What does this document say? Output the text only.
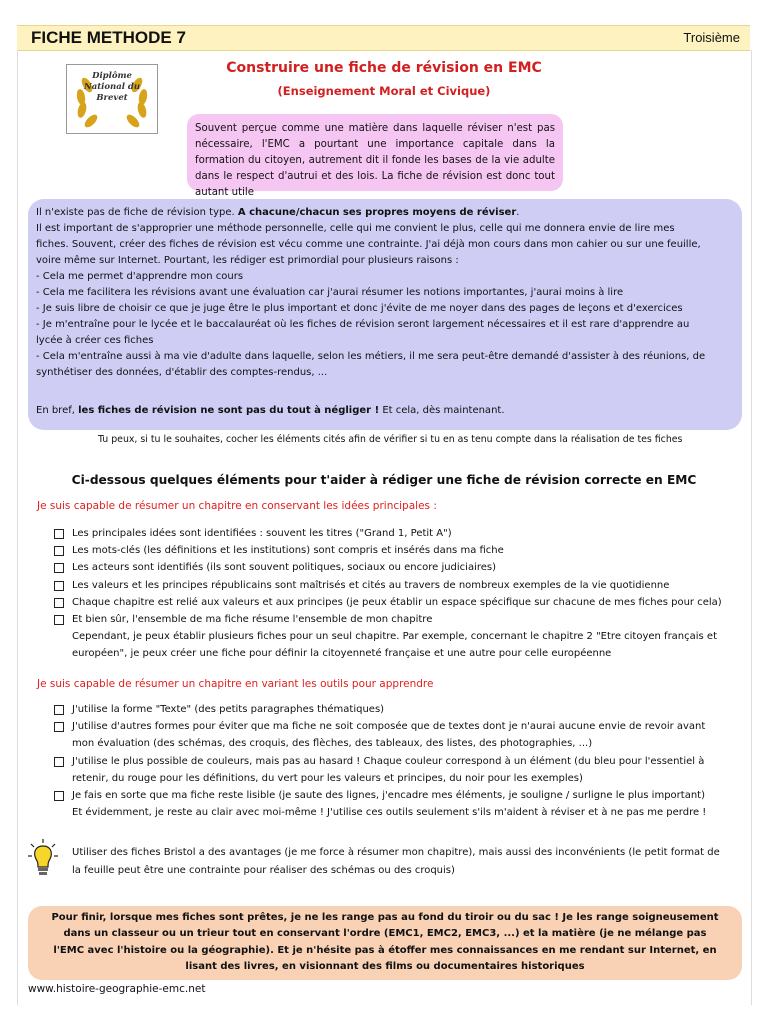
FICHE METHODE 7	Troisième
Diplôme
National du
Brevet
Construire une fiche de révision en EMC
(Enseignement Moral et Civique)

Souvent perçue comme une matière dans laquelle réviser n'est pas nécessaire, l'EMC a pourtant une importance capitale dans la formation du citoyen, autrement dit il fonde les bases de la vie adulte dans le respect d'autrui et des lois. La fiche de révision est donc tout autant utile

Il n'existe pas de fiche de révision type. A chacune/chacun ses propres moyens de réviser.
Il est important de s'approprier une méthode personnelle, celle qui me convient le plus, celle qui me donnera envie de lire mes
fiches. Souvent, créer des fiches de révision est vécu comme une contrainte. J'ai déjà mon cours dans mon cahier ou sur une feuille,
voire même sur Internet. Pourtant, les rédiger est primordial pour plusieurs raisons :
- Cela me permet d'apprendre mon cours
- Cela me facilitera les révisions avant une évaluation car j'aurai résumer les notions importantes, j'aurai moins à lire
- Je suis libre de choisir ce que je juge être le plus important et donc j'évite de me noyer dans des pages de leçons et d'exercices
- Je m'entraîne pour le lycée et le baccalauréat où les fiches de révision seront largement nécessaires et il est rare d'apprendre au
lycée à créer ces fiches
- Cela m'entraîne aussi à ma vie d'adulte dans laquelle, selon les métiers, il me sera peut-être demandé d'assister à des réunions, de
synthétiser des données, d'établir des comptes-rendus, ...
En bref, les fiches de révision ne sont pas du tout à négliger ! Et cela, dès maintenant.
Tu peux, si tu le souhaites, cocher les éléments cités afin de vérifier si tu en as tenu compte dans la réalisation de tes fiches
Ci-dessous quelques éléments pour t'aider à rédiger une fiche de révision correcte en EMC
Je suis capable de résumer un chapitre en conservant les idées principales :
Les principales idées sont identifiées : souvent les titres ("Grand 1, Petit A")
Les mots-clés (les définitions et les institutions) sont compris et insérés dans ma fiche
Les acteurs sont identifiés (ils sont souvent politiques, sociaux ou encore judiciaires)
Les valeurs et les principes républicains sont maîtrisés et cités au travers de nombreux exemples de la vie quotidienne
Chaque chapitre est relié aux valeurs et aux principes (je peux établir un espace spécifique sur chacune de mes fiches pour cela)
Et bien sûr, l'ensemble de ma fiche résume l'ensemble de mon chapitre
Cependant, je peux établir plusieurs fiches pour un seul chapitre. Par exemple, concernant le chapitre 2 "Etre citoyen français et
européen", je peux créer une fiche pour définir la citoyenneté française et une autre pour celle européenne
Je suis capable de résumer un chapitre en variant les outils pour apprendre
J'utilise la forme "Texte" (des petits paragraphes thématiques)
J'utilise d'autres formes pour éviter que ma fiche ne soit composée que de textes dont je n'aurai aucune envie de revoir avant
mon évaluation (des schémas, des croquis, des flèches, des tableaux, des listes, des photographies, ...)
J'utilise le plus possible de couleurs, mais pas au hasard ! Chaque couleur correspond à un élément (du bleu pour l'essentiel à
retenir, du rouge pour les définitions, du vert pour les valeurs et principes, du noir pour les exemples)
Je fais en sorte que ma fiche reste lisible (je saute des lignes, j'encadre mes éléments, je souligne / surligne le plus important)
Et évidemment, je reste au clair avec moi-même ! J'utilise ces outils seulement s'ils m'aident à réviser et à ne pas me perdre !
Utiliser des fiches Bristol a des avantages (je me force à résumer mon chapitre), mais aussi des inconvénients (le petit format de
la feuille peut être une contrainte pour réaliser des schémas ou des croquis)
Pour finir, lorsque mes fiches sont prêtes, je ne les range pas au fond du tiroir ou du sac ! Je les range soigneusement
dans un classeur ou un trieur tout en conservant l'ordre (EMC1, EMC2, EMC3, ...) et la matière (je ne mélange pas
l'EMC avec l'histoire ou la géographie). Et je n'hésite pas à étoffer mes connaissances en me rendant sur Internet, en
lisant des livres, en visionnant des films ou documentaires historiques
www.histoire-geographie-emc.net
